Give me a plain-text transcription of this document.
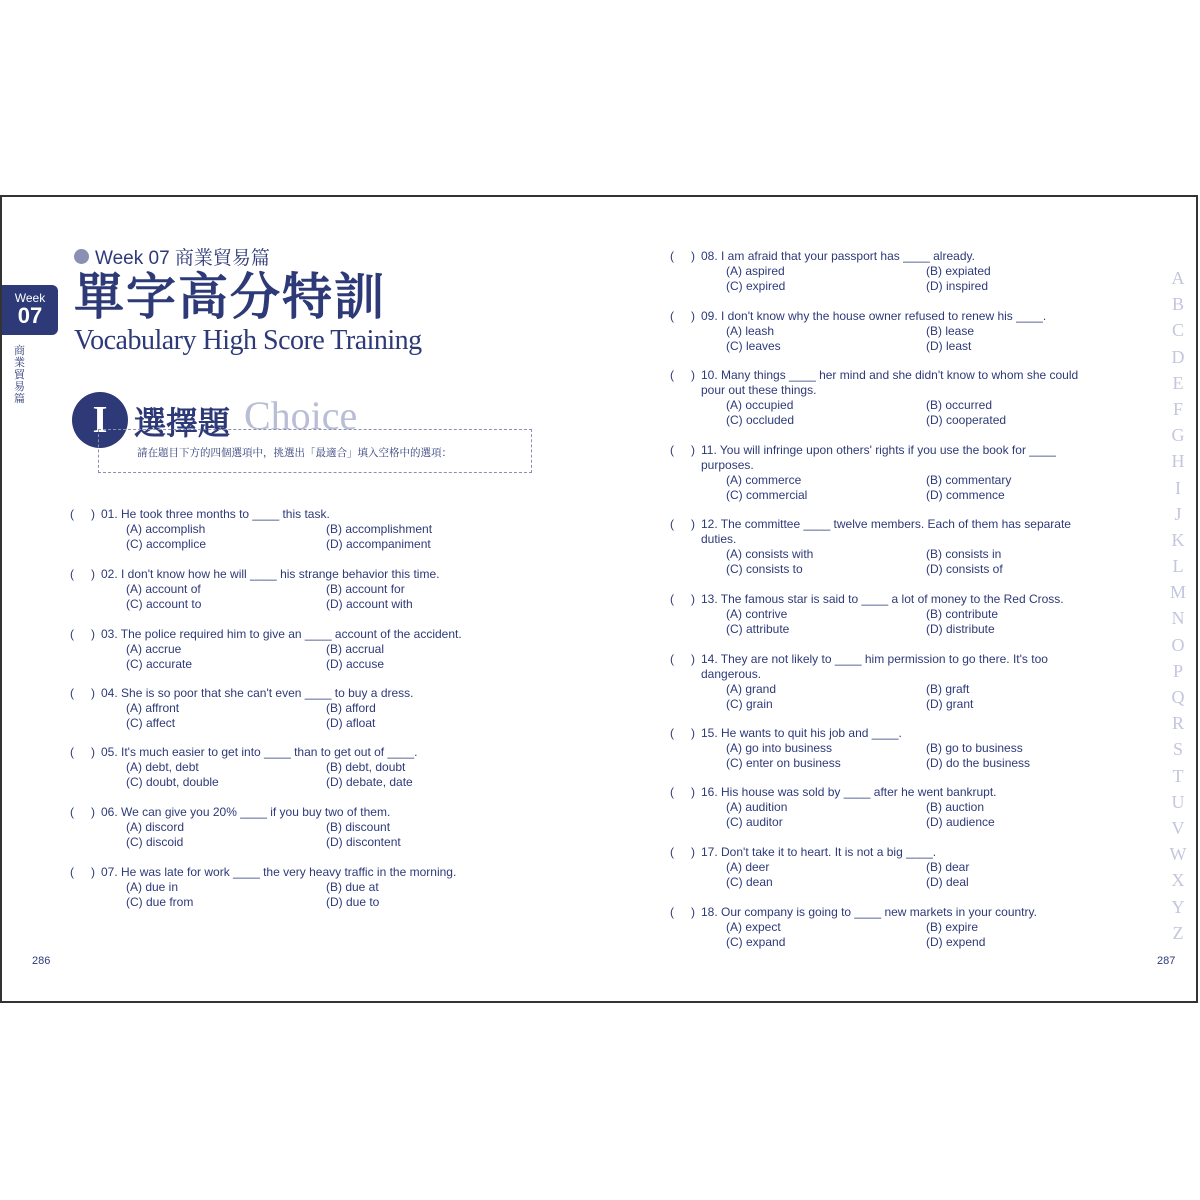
Week
07
商業貿易篇
Week 07 商業貿易篇
單字高分特訓
Vocabulary High Score Training
I	Choice
選擇題
請在題目下方的四個選項中，挑選出「最適合」填入空格中的選項：
( ) 01. He took three months to ____ this task.
(A) accomplish	(B) accomplishment
(C) accomplice	(D) accompaniment
( ) 02. I don't know how he will ____ his strange behavior this time.
(A) account of	(B) account for
(C) account to	(D) account with
( ) 03. The police required him to give an ____ account of the accident.
(A) accrue	(B) accrual
(C) accurate	(D) accuse
( ) 04. She is so poor that she can't even ____ to buy a dress.
(A) affront	(B) afford
(C) affect	(D) afloat
( ) 05. It's much easier to get into ____ than to get out of ____.
(A) debt, debt	(B) debt, doubt
(C) doubt, double	(D) debate, date
( ) 06. We can give you 20% ____ if you buy two of them.
(A) discord	(B) discount
(C) discoid	(D) discontent
( ) 07. He was late for work ____ the very heavy traffic in the morning.
(A) due in	(B) due at
(C) due from	(D) due to
286
( ) 08. I am afraid that your passport has ____ already.
(A) aspired	(B) expiated
(C) expired	(D) inspired
( ) 09. I don't know why the house owner refused to renew his ____.
(A) leash	(B) lease
(C) leaves	(D) least
( ) 10. Many things ____ her mind and she didn't know to whom she could pour out these things.
(A) occupied	(B) occurred
(C) occluded	(D) cooperated
( ) 11. You will infringe upon others' rights if you use the book for ____ purposes.
(A) commerce	(B) commentary
(C) commercial	(D) commence
( ) 12. The committee ____ twelve members. Each of them has separate duties.
(A) consists with	(B) consists in
(C) consists to	(D) consists of
( ) 13. The famous star is said to ____ a lot of money to the Red Cross.
(A) contrive	(B) contribute
(C) attribute	(D) distribute
( ) 14. They are not likely to ____ him permission to go there. It's too dangerous.
(A) grand	(B) graft
(C) grain	(D) grant
( ) 15. He wants to quit his job and ____.
(A) go into business	(B) go to business
(C) enter on business	(D) do the business
( ) 16. His house was sold by ____ after he went bankrupt.
(A) audition	(B) auction
(C) auditor	(D) audience
( ) 17. Don't take it to heart. It is not a big ____.
(A) deer	(B) dear
(C) dean	(D) deal
( ) 18. Our company is going to ____ new markets in your country.
(A) expect	(B) expire
(C) expand	(D) expend
A
B
C
D
E
F
G
H
I
J
K
L
M
N
O
P
Q
R
S
T
U
V
W
X
Y
Z
287
